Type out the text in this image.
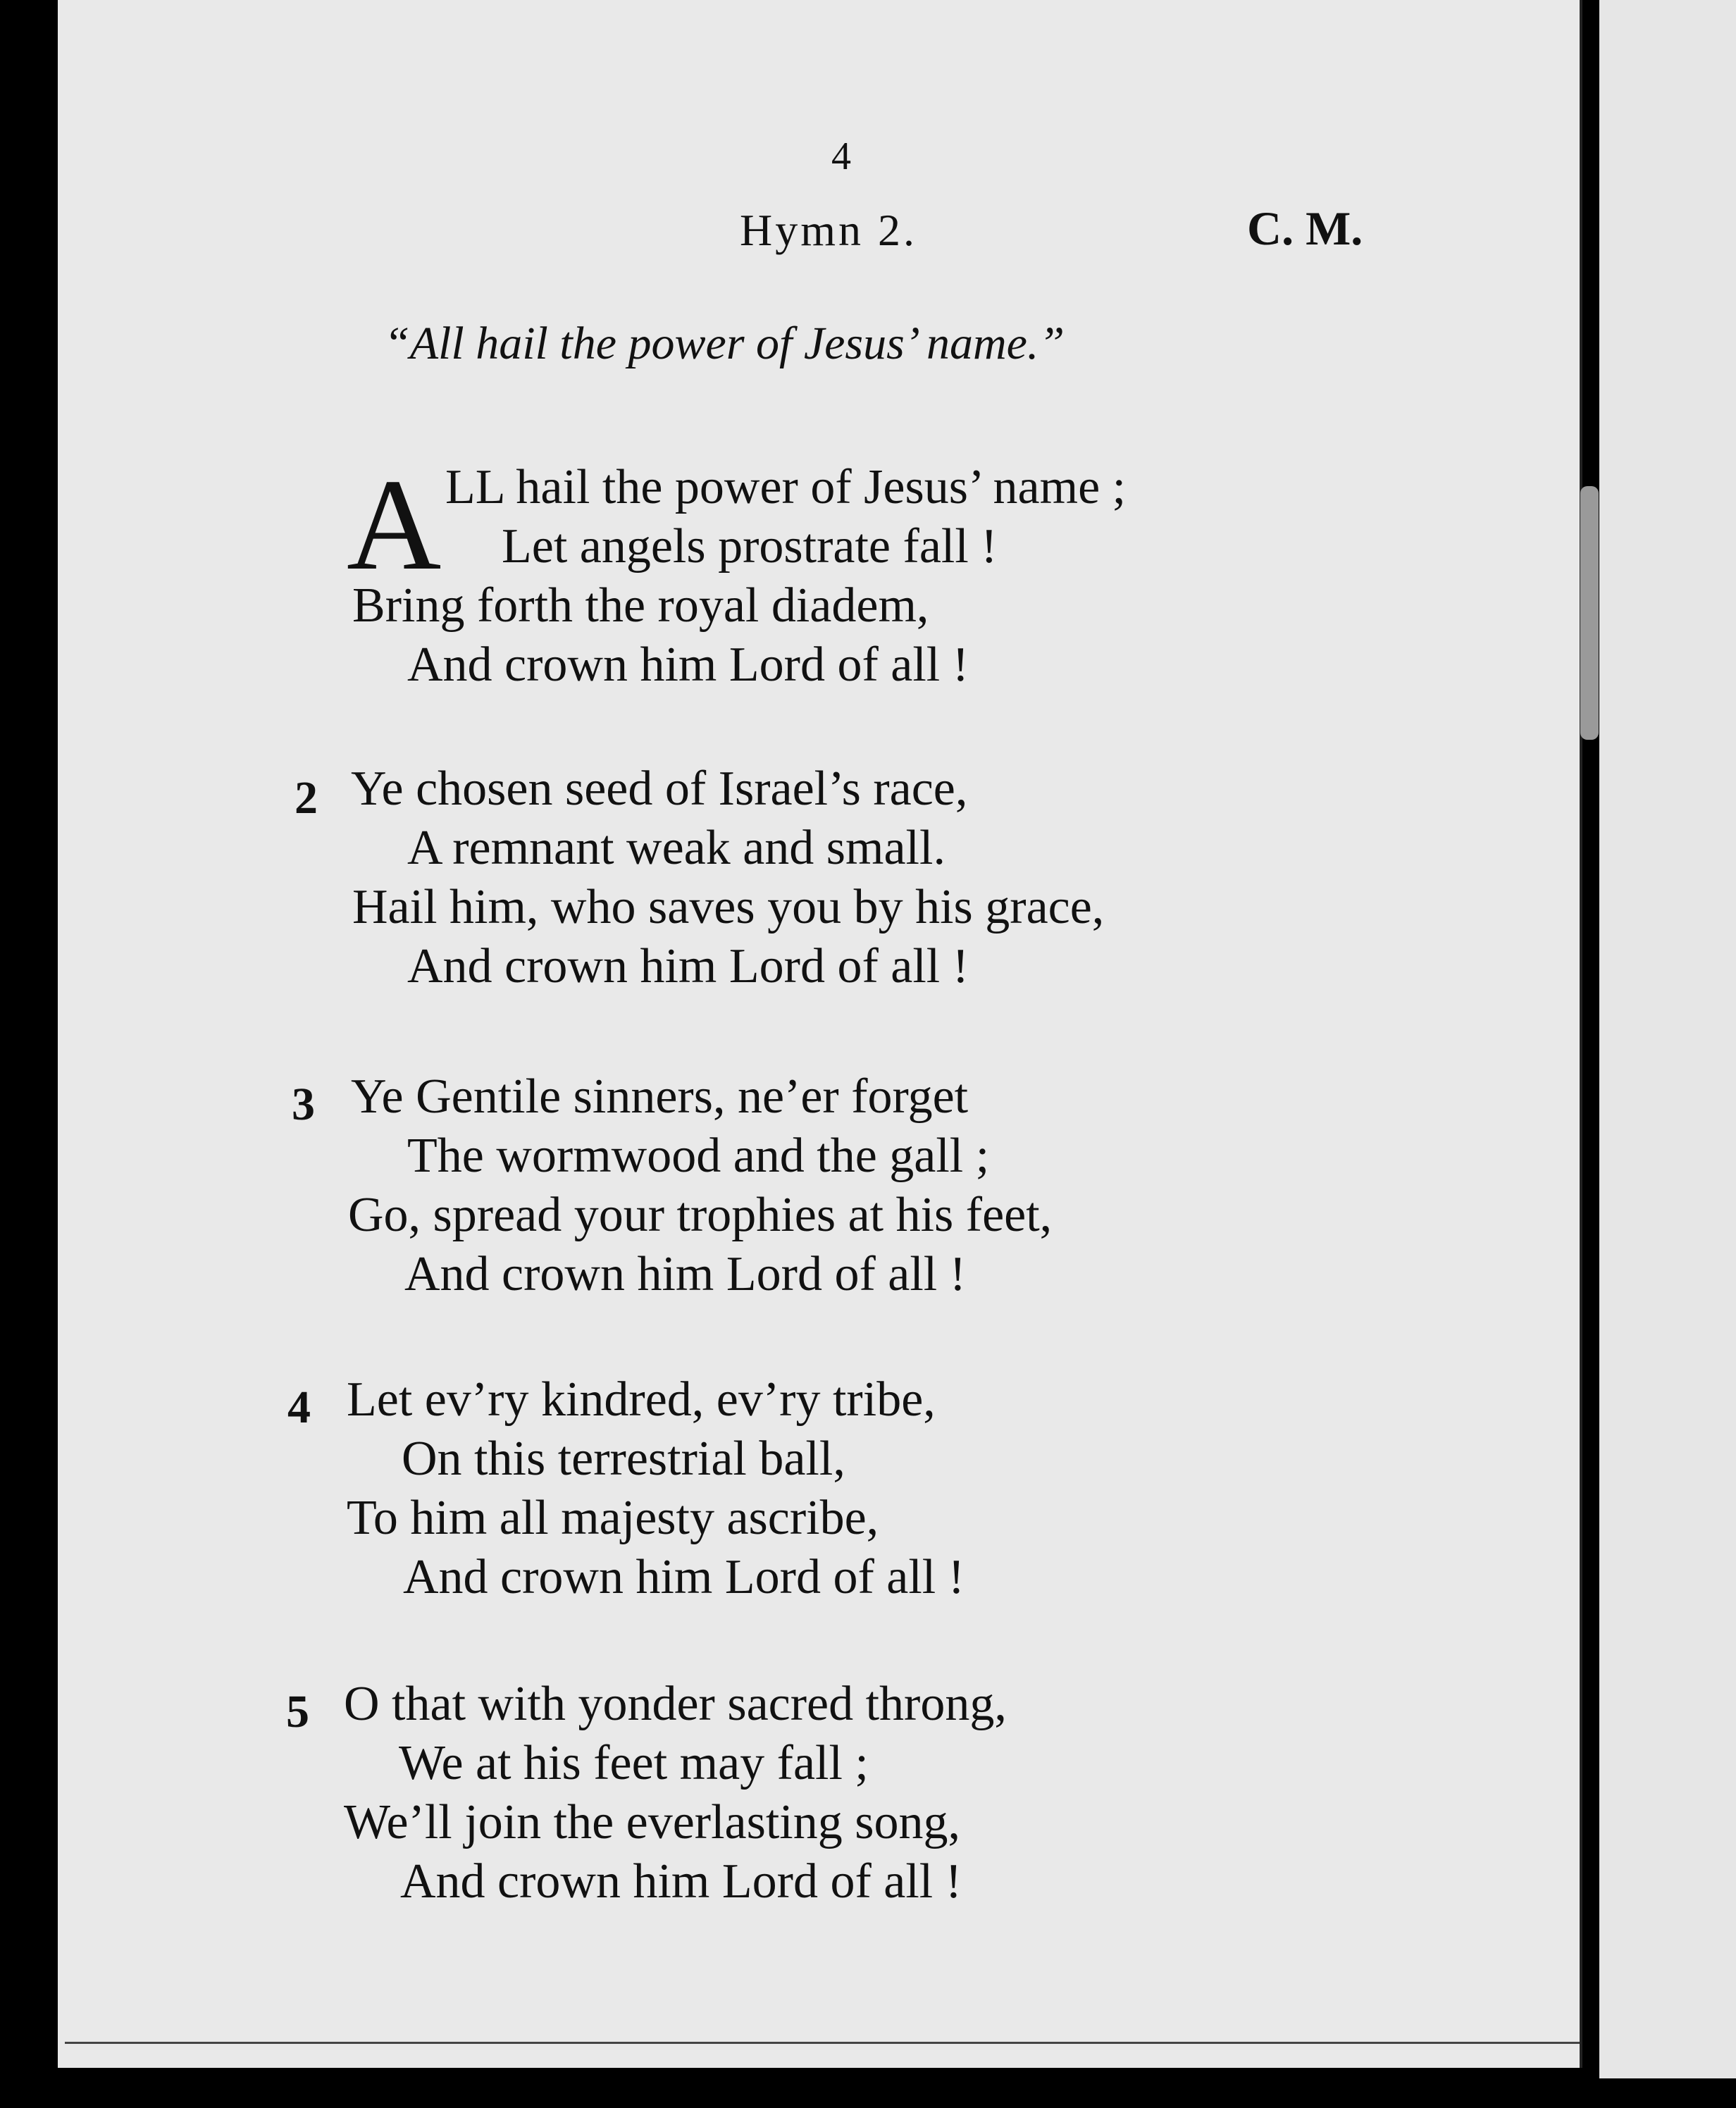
4
Hymn 2.	C. M.
“All hail the power of Jesus’ name.”
A LL hail the power of Jesus’ name ;
Let angels prostrate fall !
Bring forth the royal diadem,
And crown him Lord of all !
2 Ye chosen seed of Israel’s race,
A remnant weak and small.
Hail him, who saves you by his grace,
And crown him Lord of all !
3 Ye Gentile sinners, ne’er forget
The wormwood and the gall ;
Go, spread your trophies at his feet,
And crown him Lord of all !
4 Let ev’ry kindred, ev’ry tribe,
On this terrestrial ball,
To him all majesty ascribe,
And crown him Lord of all !
5 O that with yonder sacred throng,
We at his feet may fall ;
We’ll join the everlasting song,
And crown him Lord of all !
